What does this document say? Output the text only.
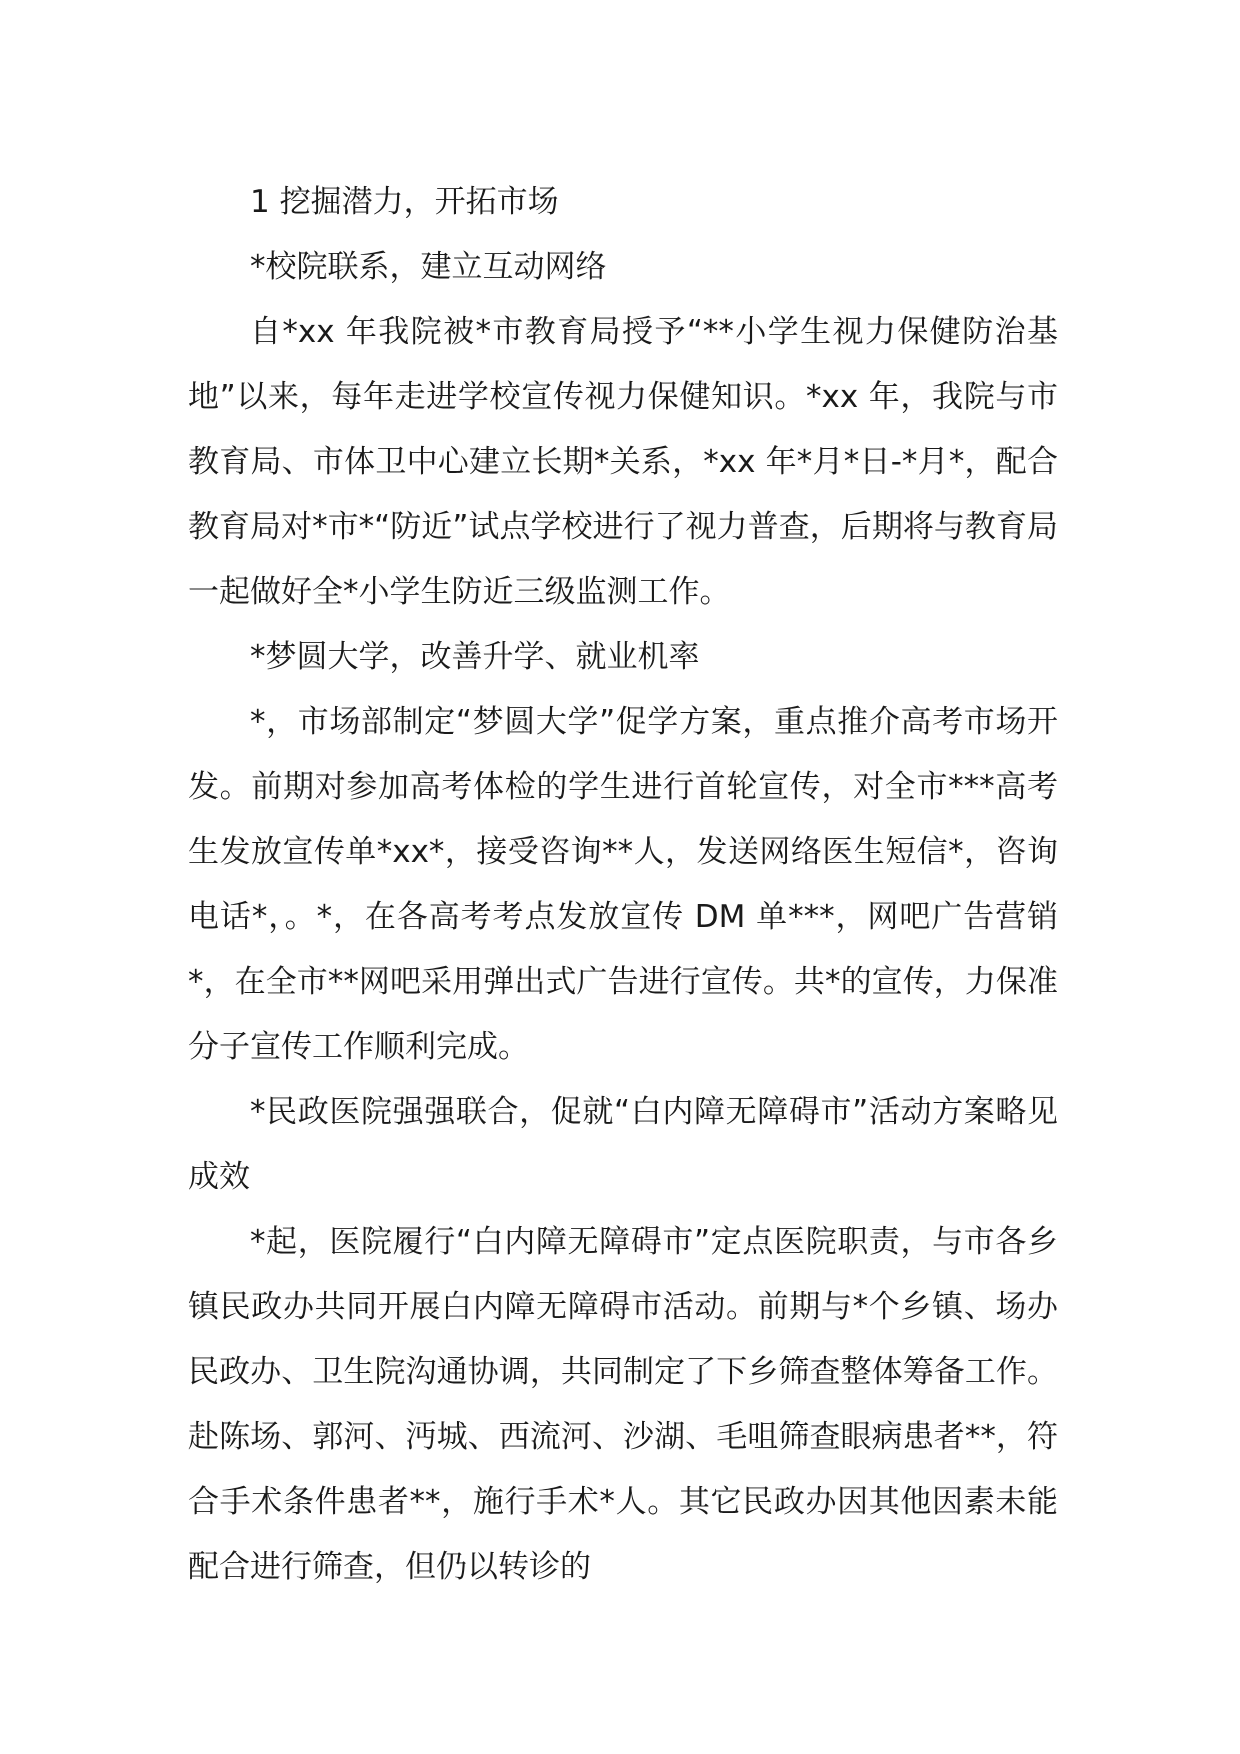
1 挖掘潜力，开拓市场

*校院联系，建立互动网络

自*xx 年我院被*市教育局授予“**小学生视力保健防治基地”以来，每年走进学校宣传视力保健知识。*xx 年，我院与市教育局、市体卫中心建立长期*关系，*xx 年*月*日-*月*，配合教育局对*市*“防近”试点学校进行了视力普查，后期将与教育局一起做好全*小学生防近三级监测工作。

*梦圆大学，改善升学、就业机率

*，市场部制定“梦圆大学”促学方案，重点推介高考市场开发。前期对参加高考体检的学生进行首轮宣传，对全市***高考生发放宣传单*xx*，接受咨询**人，发送网络医生短信*，咨询电话*，。*，在各高考考点发放宣传 DM 单***，网吧广告营销*，在全市**网吧采用弹出式广告进行宣传。共*的宣传，力保准分子宣传工作顺利完成。

*民政医院强强联合，促就“白内障无障碍市”活动方案略见成效

*起，医院履行“白内障无障碍市”定点医院职责，与市各乡镇民政办共同开展白内障无障碍市活动。前期与*个乡镇、场办民政办、卫生院沟通协调，共同制定了下乡筛查整体筹备工作。赴陈场、郭河、沔城、西流河、沙湖、毛咀筛查眼病患者**，符合手术条件患者**，施行手术*人。其它民政办因其他因素未能配合进行筛查，但仍以转诊的
